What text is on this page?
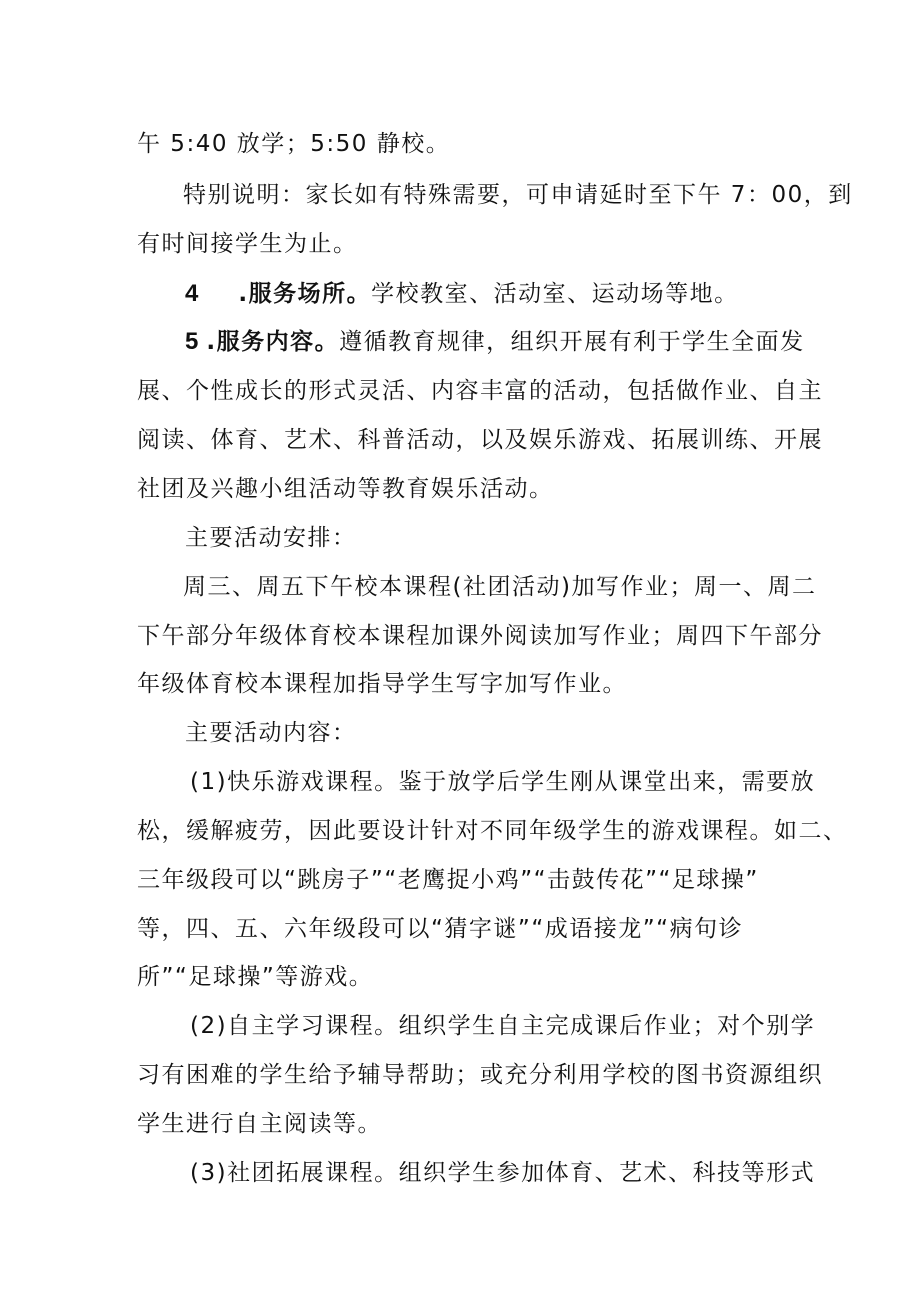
午 5:40 放学；5:50 静校。
特别说明：家长如有特殊需要，可申请延时至下午 7：00，到
有时间接学生为止。
4 .服务场所。学校教室、活动室、运动场等地。
5 .服务内容。遵循教育规律，组织开展有利于学生全面发
展、个性成长的形式灵活、内容丰富的活动，包括做作业、自主
阅读、体育、艺术、科普活动，以及娱乐游戏、拓展训练、开展
社团及兴趣小组活动等教育娱乐活动。
主要活动安排：
周三、周五下午校本课程(社团活动)加写作业；周一、周二
下午部分年级体育校本课程加课外阅读加写作业；周四下午部分
年级体育校本课程加指导学生写字加写作业。
主要活动内容：
(1)快乐游戏课程。鉴于放学后学生刚从课堂出来，需要放
松，缓解疲劳，因此要设计针对不同年级学生的游戏课程。如二、
三年级段可以“跳房子”“老鹰捉小鸡”“击鼓传花”“足球操”
等，四、五、六年级段可以“猜字谜”“成语接龙”“病句诊
所”“足球操”等游戏。
(2)自主学习课程。组织学生自主完成课后作业；对个别学
习有困难的学生给予辅导帮助；或充分利用学校的图书资源组织
学生进行自主阅读等。
(3)社团拓展课程。组织学生参加体育、艺术、科技等形式
